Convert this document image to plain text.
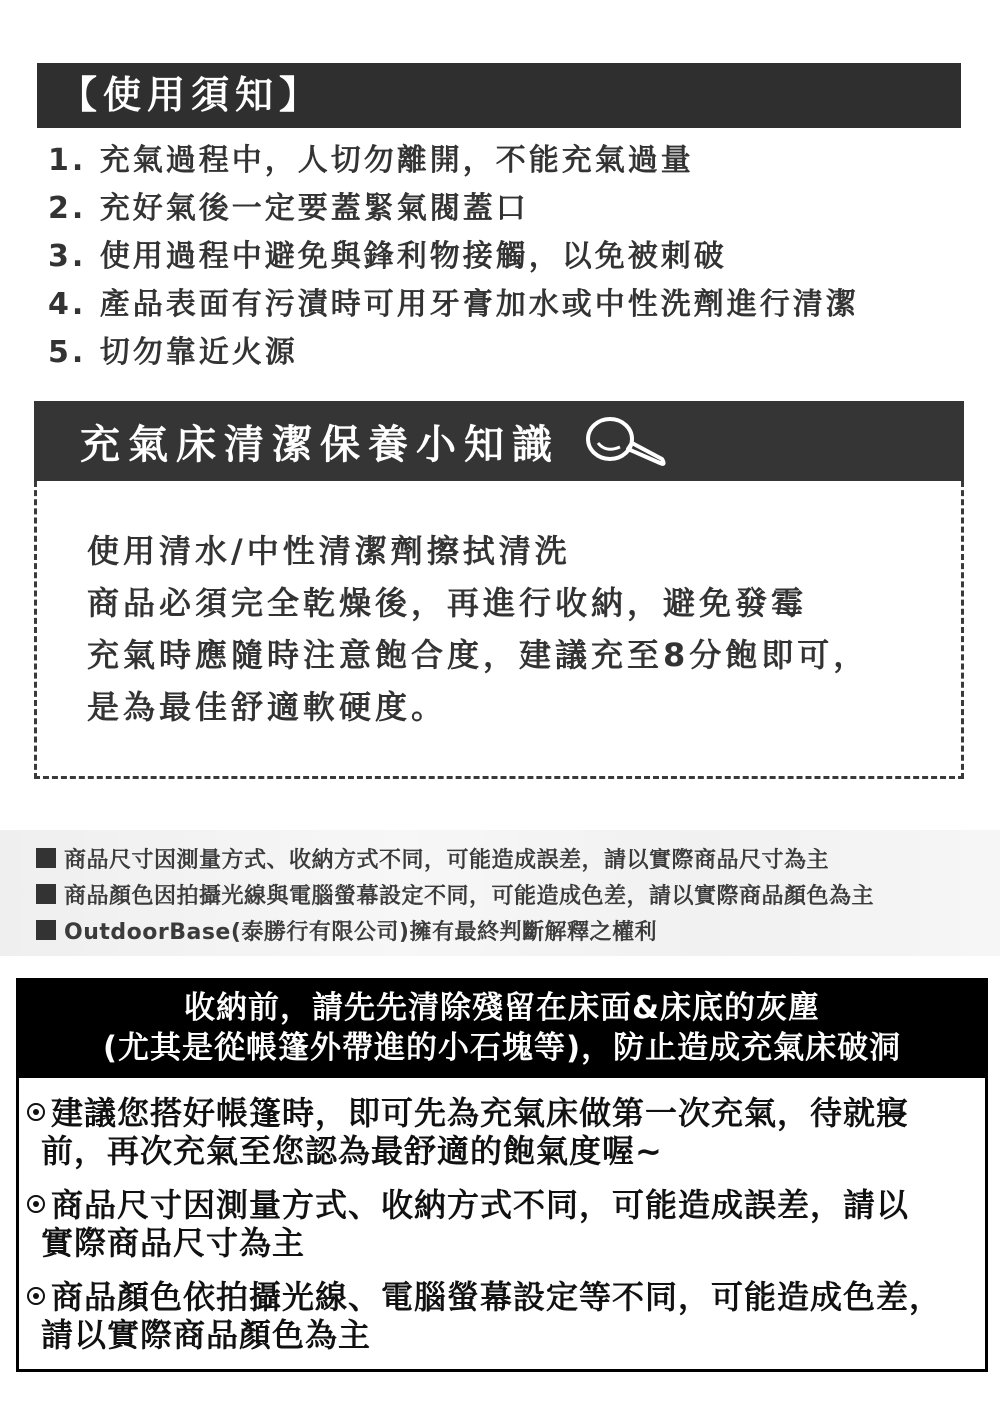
【使用須知】
1. 充氣過程中，人切勿離開，不能充氣過量
2. 充好氣後一定要蓋緊氣閥蓋口
3. 使用過程中避免與鋒利物接觸，以免被刺破
4. 產品表面有污漬時可用牙膏加水或中性洗劑進行清潔
5. 切勿靠近火源
充氣床清潔保養小知識
使用清水/中性清潔劑擦拭清洗
商品必須完全乾燥後，再進行收納，避免發霉
充氣時應隨時注意飽合度，建議充至8分飽即可，
是為最佳舒適軟硬度。
商品尺寸因測量方式、收納方式不同，可能造成誤差，請以實際商品尺寸為主
商品顏色因拍攝光線與電腦螢幕設定不同，可能造成色差，請以實際商品顏色為主
OutdoorBase(泰勝行有限公司)擁有最終判斷解釋之權利
收納前，請先先清除殘留在床面&床底的灰塵
(尤其是從帳篷外帶進的小石塊等)，防止造成充氣床破洞
建議您搭好帳篷時，即可先為充氣床做第一次充氣，待就寢
前，再次充氣至您認為最舒適的飽氣度喔~
商品尺寸因測量方式、收納方式不同，可能造成誤差，請以
實際商品尺寸為主
商品顏色依拍攝光線、電腦螢幕設定等不同，可能造成色差，
請以實際商品顏色為主
